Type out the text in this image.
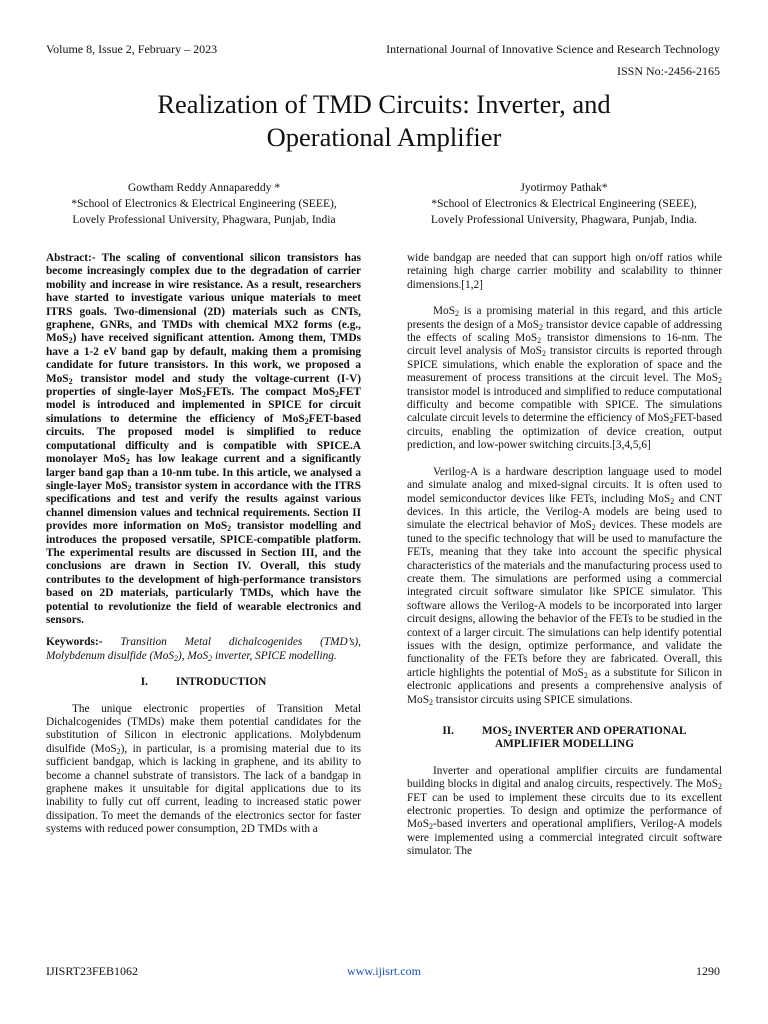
Volume 8, Issue 2, February – 2023	International Journal of Innovative Science and Research Technology
ISSN No:-2456-2165
Realization of TMD Circuits: Inverter, and
Operational Amplifier
Gowtham Reddy Annapareddy *
*School of Electronics & Electrical Engineering (SEEE),
Lovely Professional University, Phagwara, Punjab, India
Jyotirmoy Pathak*
*School of Electronics & Electrical Engineering (SEEE),
Lovely Professional University, Phagwara, Punjab, India.

Abstract:- The scaling of conventional silicon transistors has become increasingly complex due to the degradation of carrier mobility and increase in wire resistance. As a result, researchers have started to investigate various unique materials to meet ITRS goals. Two-dimensional (2D) materials such as CNTs, graphene, GNRs, and TMDs with chemical MX2 forms (e.g., MoS$_2$) have received significant attention. Among them, TMDs have a 1-2 eV band gap by default, making them a promising candidate for future transistors. In this work, we proposed a MoS$_2$ transistor model and study the voltage-current (I-V) properties of single-layer MoS$_2$FETs. The compact MoS$_2$FET model is introduced and implemented in SPICE for circuit simulations to determine the efficiency of MoS$_2$FET-based circuits. The proposed model is simplified to reduce computational difficulty and is compatible with SPICE.A monolayer MoS$_2$ has low leakage current and a significantly larger band gap than a 10-nm tube. In this article, we analysed a single-layer MoS$_2$ transistor system in accordance with the ITRS specifications and test and verify the results against various channel dimension values and technical requirements. Section II provides more information on MoS$_2$ transistor modelling and introduces the proposed versatile, SPICE-compatible platform. The experimental results are discussed in Section III, and the conclusions are drawn in Section IV. Overall, this study contributes to the development of high-performance transistors based on 2D materials, particularly TMDs, which have the potential to revolutionize the field of wearable electronics and sensors.

Keywords:- Transition Metal dichalcogenides (TMD’s), Molybdenum disulfide (MoS$_2$), MoS$_2$ inverter, SPICE modelling.

I. INTRODUCTION

The unique electronic properties of Transition Metal Dichalcogenides (TMDs) make them potential candidates for the substitution of Silicon in electronic applications. Molybdenum disulfide (MoS$_2$), in particular, is a promising material due to its sufficient bandgap, which is lacking in graphene, and its ability to become a channel substrate of transistors. The lack of a bandgap in graphene makes it unsuitable for digital applications due to its inability to fully cut off current, leading to increased static power dissipation. To meet the demands of the electronics sector for faster systems with reduced power consumption, 2D TMDs with a

wide bandgap are needed that can support high on/off ratios while retaining high charge carrier mobility and scalability to thinner dimensions.[1,2]

MoS$_2$ is a promising material in this regard, and this article presents the design of a MoS$_2$ transistor device capable of addressing the effects of scaling MoS$_2$ transistor dimensions to 16-nm. The circuit level analysis of MoS$_2$ transistor circuits is reported through SPICE simulations, which enable the exploration of space and the measurement of process transitions at the circuit level. The MoS$_2$ transistor model is introduced and simplified to reduce computational difficulty and become compatible with SPICE. The simulations calculate circuit levels to determine the efficiency of MoS$_2$FET-based circuits, enabling the optimization of device creation, output prediction, and low-power switching circuits.[3,4,5,6]

Verilog-A is a hardware description language used to model and simulate analog and mixed-signal circuits. It is often used to model semiconductor devices like FETs, including MoS$_2$ and CNT devices. In this article, the Verilog-A models are being used to simulate the electrical behavior of MoS$_2$ devices. These models are tuned to the specific technology that will be used to manufacture the FETs, meaning that they take into account the specific physical characteristics of the materials and the manufacturing process used to create them. The simulations are performed using a commercial integrated circuit software simulator like SPICE simulator. This software allows the Verilog-A models to be incorporated into larger circuit designs, allowing the behavior of the FETs to be studied in the context of a larger circuit. The simulations can help identify potential issues with the design, optimize performance, and validate the functionality of the FETs before they are fabricated. Overall, this article highlights the potential of MoS$_2$ as a substitute for Silicon in electronic applications and presents a comprehensive analysis of MoS$_2$ transistor circuits using SPICE simulations.

II. $MOS_2$ INVERTER AND OPERATIONAL
AMPLIFIER MODELLING

Inverter and operational amplifier circuits are fundamental building blocks in digital and analog circuits, respectively. The MoS$_2$ FET can be used to implement these circuits due to its excellent electronic properties. To design and optimize the performance of MoS$_2$-based inverters and operational amplifiers, Verilog-A models were implemented using a commercial integrated circuit software simulator. The

IJISRT23FEB1062	www.ijisrt.com	1290
